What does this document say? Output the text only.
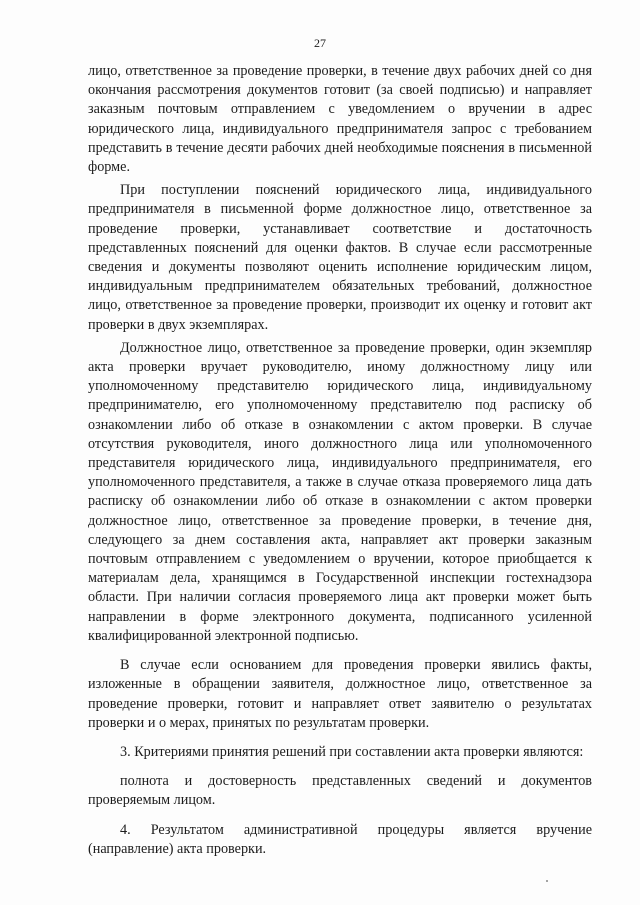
27

лицо, ответственное за проведение проверки, в течение двух рабочих дней со дня окончания рассмотрения документов готовит (за своей подписью) и направляет заказным почтовым отправлением с уведомлением о вручении в адрес юридического лица, индивидуального предпринимателя запрос с требованием представить в течение десяти рабочих дней необходимые пояснения в письменной форме.

При поступлении пояснений юридического лица, индивидуального предпринимателя в письменной форме должностное лицо, ответственное за проведение проверки, устанавливает соответствие и достаточность представленных пояснений для оценки фактов. В случае если рассмотренные сведения и документы позволяют оценить исполнение юридическим лицом, индивидуальным предпринимателем обязательных требований, должностное лицо, ответственное за проведение проверки, производит их оценку и готовит акт проверки в двух экземплярах.

Должностное лицо, ответственное за проведение проверки, один экземпляр акта проверки вручает руководителю, иному должностному лицу или уполномоченному представителю юридического лица, индивидуальному предпринимателю, его уполномоченному представителю под расписку об ознакомлении либо об отказе в ознакомлении с актом проверки. В случае отсутствия руководителя, иного должностного лица или уполномоченного представителя юридического лица, индивидуального предпринимателя, его уполномочeнного представителя, а также в случае отказа проверяемого лица дать расписку об ознакомлении либо об отказе в ознакомлении с актом проверки должностное лицо, ответственное за проведение проверки, в течение дня, следующего за днем составления акта, направляет акт проверки заказным почтовым отправлением с уведомлением о вручении, которое приобщается к материалам дела, хранящимся в Государственной инспекции гостехнадзора области. При наличии согласия проверяемого лица акт проверки может быть направлении в форме электронного документа, подписанного усиленной квалифицированной электронной подписью.

В случае если основанием для проведения проверки явились факты, изложенные в обращении заявителя, должностное лицо, ответственное за проведение проверки, готовит и направляет ответ заявителю о результатах проверки и о мерах, принятых по результатам проверки.

3. Критериями принятия решений при составлении акта проверки являются:

полнота и достоверность представленных сведений и документов проверяемым лицом.

4. Результатом административной процедуры является вручение (направление) акта проверки.
